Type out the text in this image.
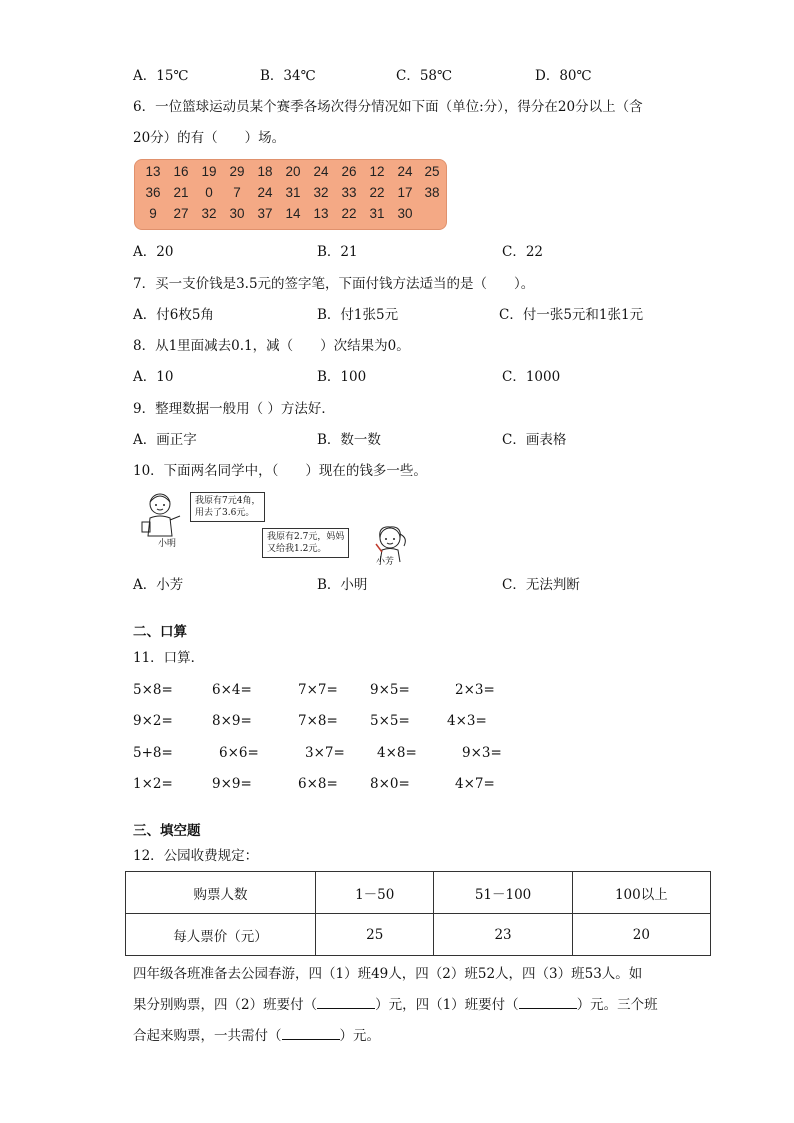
A．15℃	B．34℃	C．58℃	D．80℃
6．一位篮球运动员某个赛季各场次得分情况如下面（单位:分），得分在20分以上（含
20分）的有（　　）场。
13 16 19 29 18 20 24 26 12 24 25
36 21	0	7	24 31 32 33 22 17 38
9	27 32 30 37 14 13 22 31 30
A．20	B．21	C．22
7．买一支价钱是3.5元的签字笔，下面付钱方法适当的是（　　）。
A．付6枚5角	B．付1张5元	C．付一张5元和1张1元
8．从1里面减去0.1，减（　　）次结果为0。
A．10	B．100	C．1000
9．整理数据一般用（ ）方法好．
A．画正字	B．数一数	C．画表格
10．下面两名同学中，（　　）现在的钱多一些。
我原有7元4角，
用去了3.6元。
小明
我原有2.7元，妈妈
又给我1.2元。
小芳
A．小芳	B．小明	C．无法判断
二、口算
11．口算．
5×8=	6×4=	7×7= 9×5=	2×3=
9×2=	8×9=	7×8= 5×5=	4×3=
5+8=	6×6=	3×7= 4×8=	9×3=
1×2=	9×9=	6×8= 8×0=	4×7=
三、填空题
12．公园收费规定：
购票人数	1－50	51－100	100以上
每人票价（元）	25	23	20
四年级各班准备去公园春游，四（1）班49人，四（2）班52人，四（3）班53人。如
果分别购票，四（2）班要付（	）元，四（1）班要付（	）元。三个班
合起来购票，一共需付（	）元。
